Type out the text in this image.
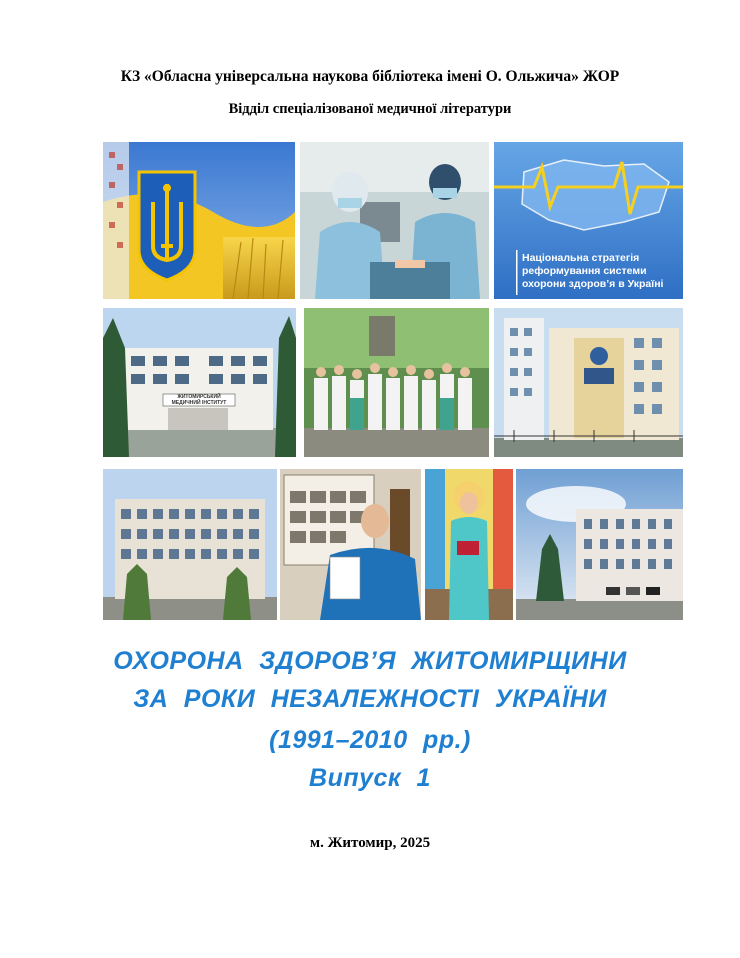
КЗ «Обласна універсальна наукова бібліотека імені О. Ольжича» ЖОР
Відділ спеціалізованої медичної літератури
Національна стратегія
реформування системи
охорони здоров’я в Україні
ЖИТОМИРСЬКИЙ
МЕДИЧНИЙ ІНСТИТУТ
ОХОРОНА ЗДОРОВ’Я ЖИТОМИРЩИНИ
ЗА РОКИ НЕЗАЛЕЖНОСТІ УКРАЇНИ
(1991–2010 рр.)
Випуск 1
м. Житомир, 2025
